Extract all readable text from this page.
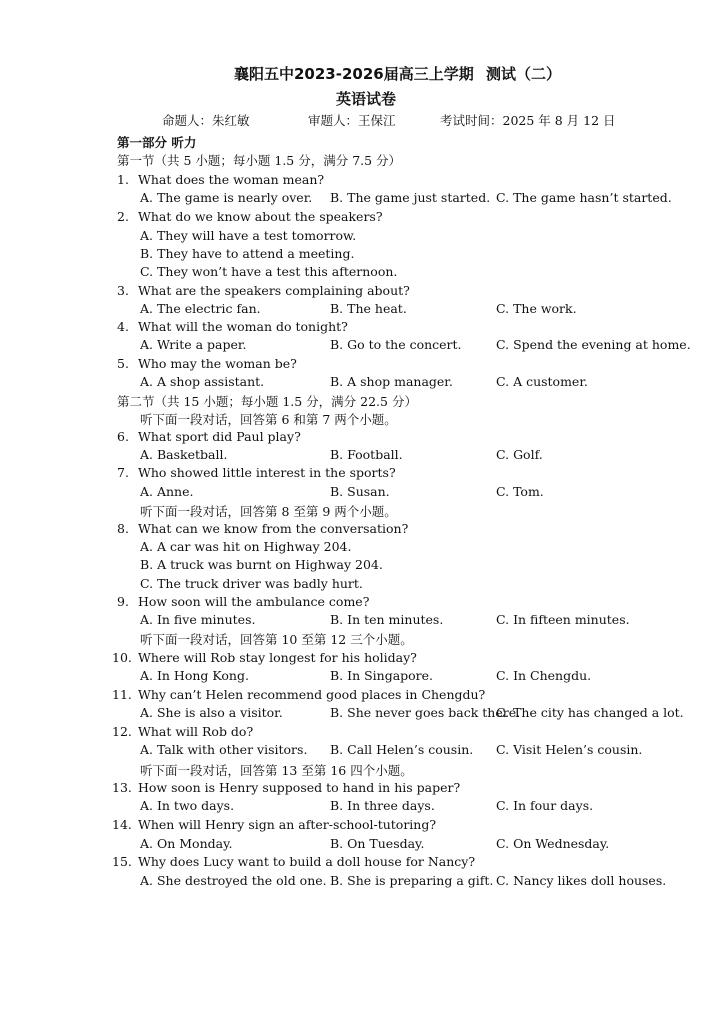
襄阳五中2023-2026届高三上学期 测试（二）
英语试卷
命题人：朱红敏	审题人：王保江	考试时间：2025 年 8 月 12 日
第一部分 听力
第一节（共 5 小题；每小题 1.5 分，满分 7.5 分）
1. What does the woman mean?
A. The game is nearly over. B. The game just started. C. The game hasn’t started.
2. What do we know about the speakers?
A. They will have a test tomorrow.
B. They have to attend a meeting.
C. They won’t have a test this afternoon.
3. What are the speakers complaining about?
A. The electric fan.	B. The heat.	C. The work.
4. What will the woman do tonight?
A. Write a paper.	B. Go to the concert.	C. Spend the evening at home.
5. Who may the woman be?
A. A shop assistant.	B. A shop manager.	C. A customer.
第二节（共 15 小题；每小题 1.5 分，满分 22.5 分）
听下面一段对话，回答第 6 和第 7 两个小题。
6. What sport did Paul play?
A. Basketball.	B. Football.	C. Golf.
7. Who showed little interest in the sports?
A. Anne.	B. Susan.	C. Tom.
听下面一段对话，回答第 8 至第 9 两个小题。
8. What can we know from the conversation?
A. A car was hit on Highway 204.
B. A truck was burnt on Highway 204.
C. The truck driver was badly hurt.
9. How soon will the ambulance come?
A. In five minutes.	B. In ten minutes.	C. In fifteen minutes.
听下面一段对话，回答第 10 至第 12 三个小题。
10. Where will Rob stay longest for his holiday?
A. In Hong Kong.	B. In Singapore.	C. In Chengdu.
11. Why can’t Helen recommend good places in Chengdu?
A. She is also a visitor.	B. She never goes back there.
C. The city has changed a lot.
12. What will Rob do?
A. Talk with other visitors. B. Call Helen’s cousin. C. Visit Helen’s cousin.
听下面一段对话，回答第 13 至第 16 四个小题。
13. How soon is Henry supposed to hand in his paper?
A. In two days.	B. In three days.	C. In four days.
14. When will Henry sign an after-school-tutoring?
A. On Monday.	B. On Tuesday.	C. On Wednesday.
15. Why does Lucy want to build a doll house for Nancy?
A. She destroyed the old one. B. She is preparing a gift. C. Nancy likes doll houses.
